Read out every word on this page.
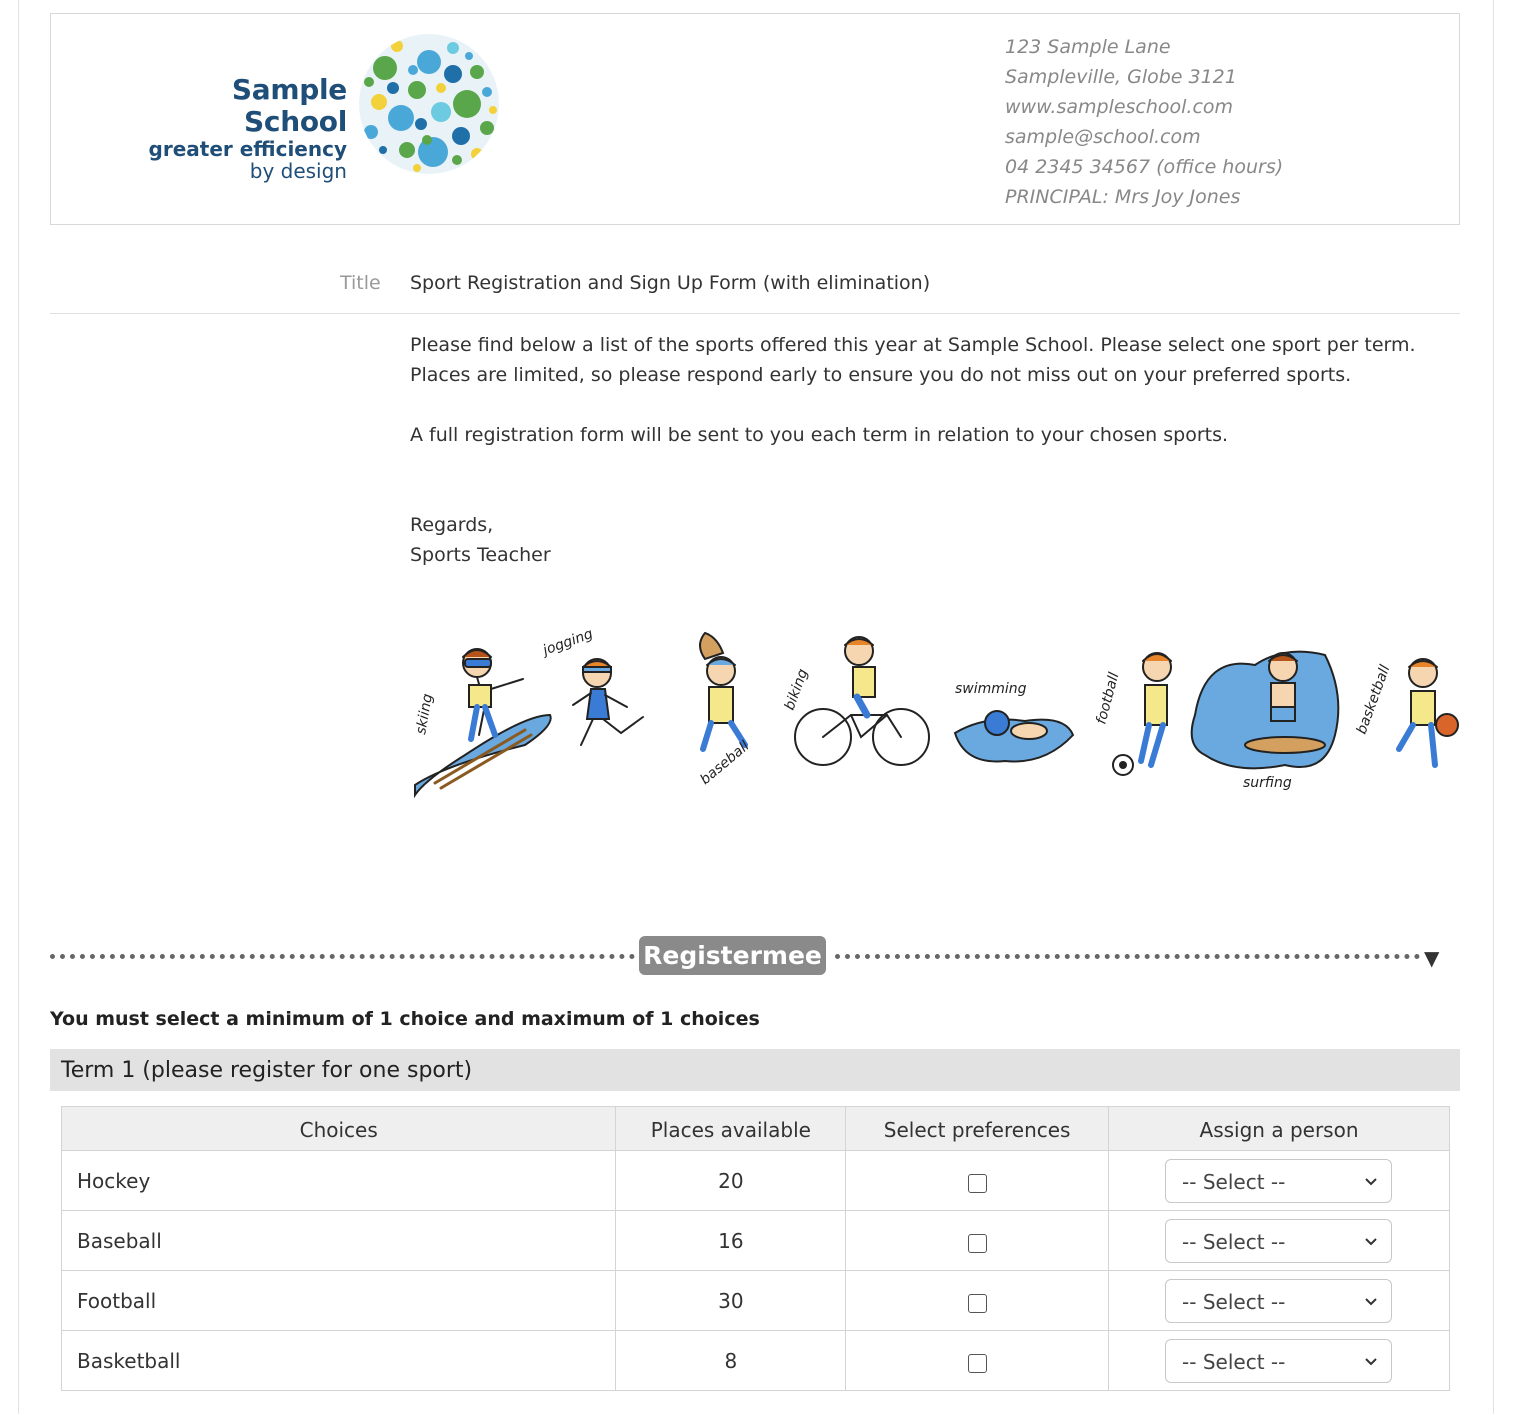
Sample School
greater efficiency
by design
123 Sample Lane
Sampleville, Globe 3121
www.sampleschool.com
sample@school.com
04 2345 34567 (office hours)
PRINCIPAL: Mrs Joy Jones
Title Sport Registration and Sign Up Form (with elimination)

Please find below a list of the sports offered this year at Sample School. Please select one sport per term. Places are limited, so please respond early to ensure you do not miss out on your preferred sports.

A full registration form will be sent to you each term in relation to your chosen sports.

Regards,

Sports Teacher

skiing
jogging
baseball
biking	swimming	football
surfing
basketball
Registermee	▼
You must select a minimum of 1 choice and maximum of 1 choices
Term 1 (please register for one sport)
Choices	Places available	Select preferences	Assign a person
Hockey	20		-- Select --

Baseball	16		-- Select --

Football	30		-- Select --

Basketball	8		-- Select --
